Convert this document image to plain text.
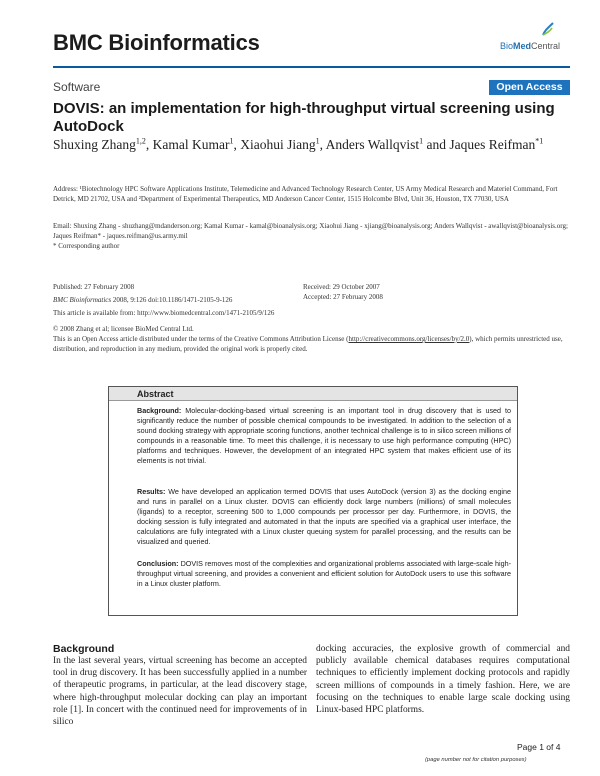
BMC Bioinformatics	BioMedCentral
Software	Open Access
DOVIS: an implementation for high-throughput virtual screening using AutoDock
Shuxing Zhang$^{1,2}$, Kamal Kumar$^1$, Xiaohui Jiang$^1$, Anders Wallqvist$^1$ and Jaques Reifman$^{*1}$
Address: ¹Biotechnology HPC Software Applications Institute, Telemedicine and Advanced Technology Research Center, US Army Medical Research and Materiel Command, Fort Detrick, MD 21702, USA and ²Department of Experimental Therapeutics, MD Anderson Cancer Center, 1515 Holcombe Blvd, Unit 36, Houston, TX 77030, USA
Email: Shuxing Zhang - shuzhang@mdanderson.org; Kamal Kumar - kamal@bioanalysis.org; Xiaohui Jiang - xjiang@bioanalysis.org; Anders Wallqvist - awallqvist@bioanalysis.org; Jaques Reifman* - jaques.reifman@us.army.mil
* Corresponding author
Published: 27 February 2008
BMC Bioinformatics 2008, 9:126 doi:10.1186/1471-2105-9-126
Received: 29 October 2007
Accepted: 27 February 2008
This article is available from: http://www.biomedcentral.com/1471-2105/9/126
© 2008 Zhang et al; licensee BioMed Central Ltd.
This is an Open Access article distributed under the terms of the Creative Commons Attribution License (http://creativecommons.org/licenses/by/2.0), which permits unrestricted use, distribution, and reproduction in any medium, provided the original work is properly cited.
Abstract
Background: Molecular-docking-based virtual screening is an important tool in drug discovery that is used to significantly reduce the number of possible chemical compounds to be investigated. In addition to the selection of a sound docking strategy with appropriate scoring functions, another technical challenge is to in silico screen millions of compounds in a reasonable time. To meet this challenge, it is necessary to use high performance computing (HPC) platforms and techniques. However, the development of an integrated HPC system that makes efficient use of its elements is not trivial.
Results: We have developed an application termed DOVIS that uses AutoDock (version 3) as the docking engine and runs in parallel on a Linux cluster. DOVIS can efficiently dock large numbers (millions) of small molecules (ligands) to a receptor, screening 500 to 1,000 compounds per processor per day. Furthermore, in DOVIS, the docking session is fully integrated and automated in that the inputs are specified via a graphical user interface, the calculations are fully integrated with a Linux cluster queuing system for parallel processing, and the results can be visualized and queried.
Conclusion: DOVIS removes most of the complexities and organizational problems associated with large-scale high-throughput virtual screening, and provides a convenient and efficient solution for AutoDock users to use this software in a Linux cluster platform.
Background
In the last several years, virtual screening has become an accepted tool in drug discovery. It has been successfully applied in a number of therapeutic programs, in particular, at the lead discovery stage, where high-throughput molecular docking can play an important role [1]. In concert with the continued need for improvements of in silico
docking accuracies, the explosive growth of commercial and publicly available chemical databases requires computational techniques to efficiently implement docking protocols and rapidly screen millions of compounds in a timely fashion. Here, we are focusing on the techniques to enable large scale docking using Linux-based HPC platforms.
Page 1 of 4
(page number not for citation purposes)
